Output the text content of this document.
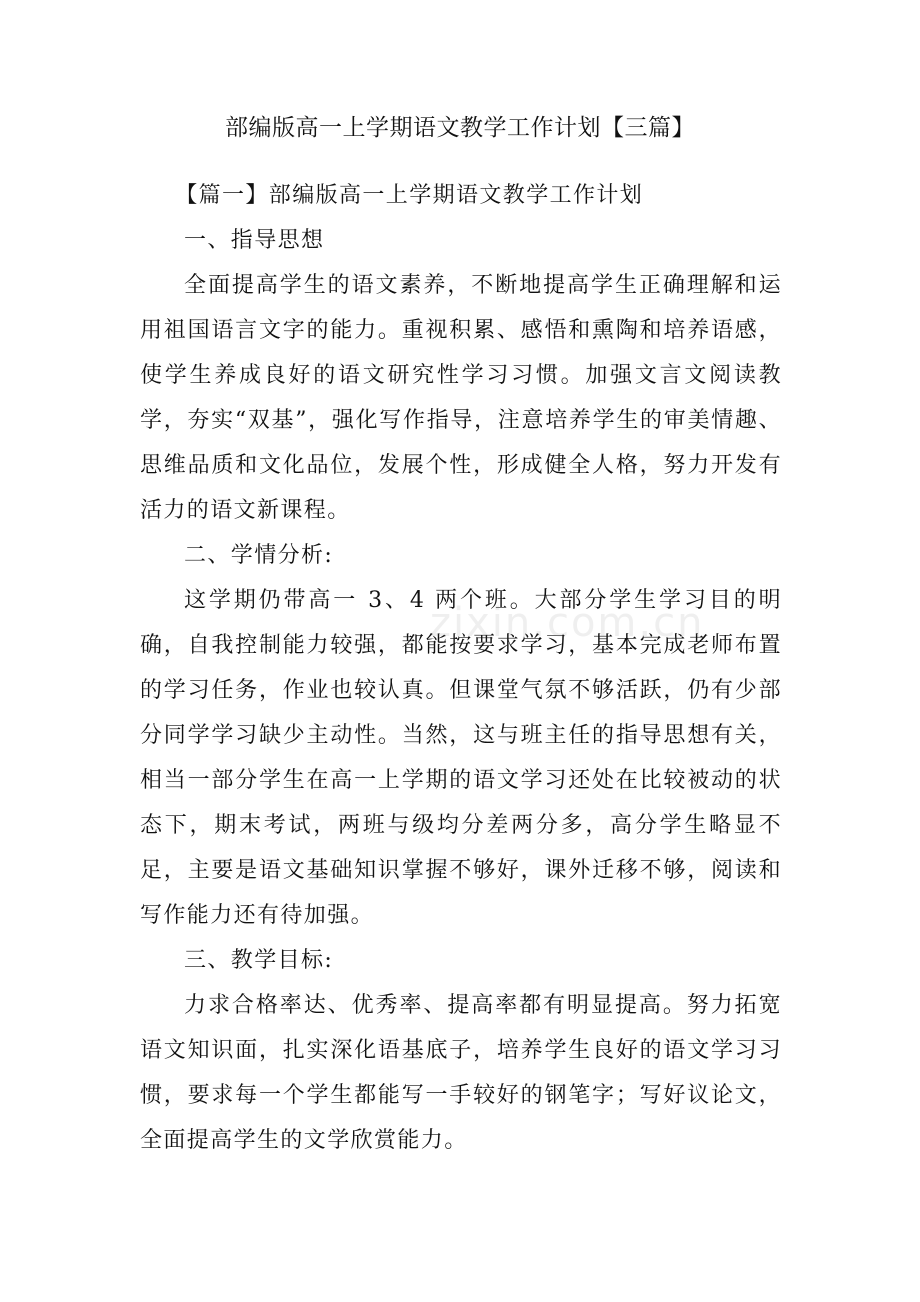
部编版高一上学期语文教学工作计划【三篇】

【篇一】部编版高一上学期语文教学工作计划

一、指导思想

全面提高学生的语文素养，不断地提高学生正确理解和运用祖国语言文字的能力。重视积累、感悟和熏陶和培养语感，使学生养成良好的语文研究性学习习惯。加强文言文阅读教学，夯实“双基”，强化写作指导，注意培养学生的审美情趣、思维品质和文化品位，发展个性，形成健全人格，努力开发有活力的语文新课程。

二、学情分析:

这学期仍带高一 3、4 两个班。大部分学生学习目的明确，自我控制能力较强，都能按要求学习，基本完成老师布置的学习任务，作业也较认真。但课堂气氛不够活跃，仍有少部分同学学习缺少主动性。当然，这与班主任的指导思想有关，相当一部分学生在高一上学期的语文学习还处在比较被动的状态下，期末考试，两班与级均分差两分多，高分学生略显不足，主要是语文基础知识掌握不够好，课外迁移不够，阅读和写作能力还有待加强。

三、教学目标:

力求合格率达、优秀率、提高率都有明显提高。努力拓宽语文知识面，扎实深化语基底子，培养学生良好的语文学习习惯，要求每一个学生都能写一手较好的钢笔字；写好议论文，全面提高学生的文学欣赏能力。

zixin.com.cn
